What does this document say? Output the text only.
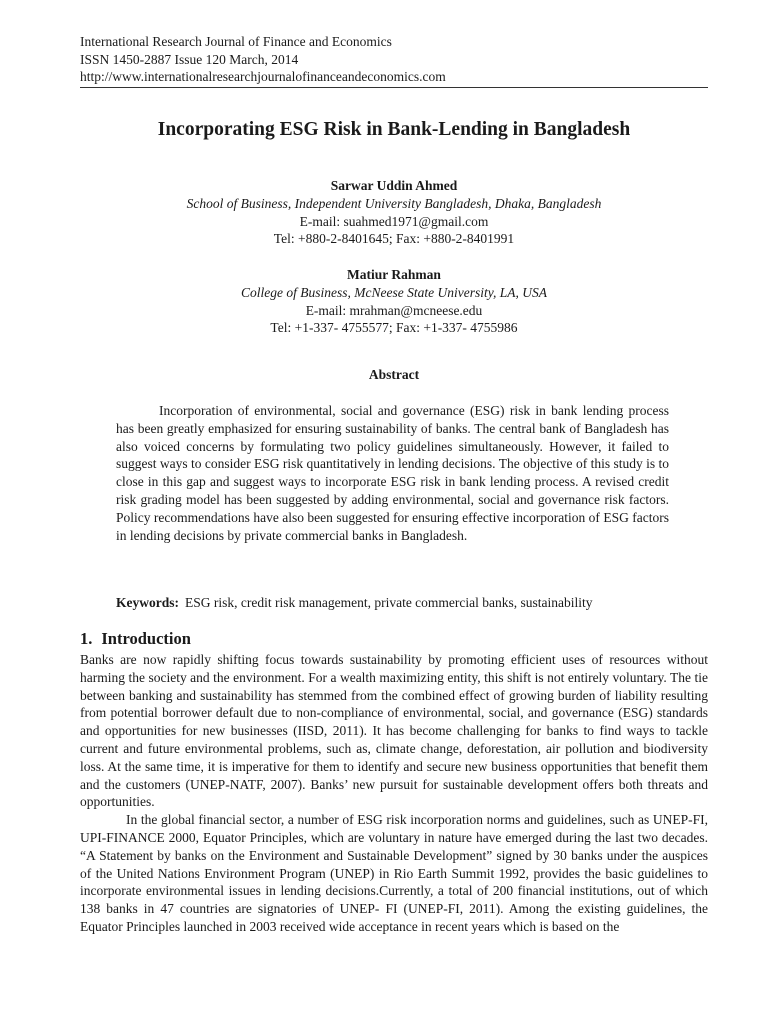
International Research Journal of Finance and Economics
ISSN 1450-2887 Issue 120 March, 2014
http://www.internationalresearchjournalofinanceandeconomics.com
Incorporating ESG Risk in Bank-Lending in Bangladesh
Sarwar Uddin Ahmed
School of Business, Independent University Bangladesh, Dhaka, Bangladesh
E-mail: suahmed1971@gmail.com
Tel: +880-2-8401645; Fax: +880-2-8401991
Matiur Rahman
College of Business, McNeese State University, LA, USA
E-mail: mrahman@mcneese.edu
Tel: +1-337- 4755577; Fax: +1-337- 4755986
Abstract

Incorporation of environmental, social and governance (ESG) risk in bank lending process has been greatly emphasized for ensuring sustainability of banks. The central bank of Bangladesh has also voiced concerns by formulating two policy guidelines simultaneously. However, it failed to suggest ways to consider ESG risk quantitatively in lending decisions. The objective of this study is to close in this gap and suggest ways to incorporate ESG risk in bank lending process. A revised credit risk grading model has been suggested by adding environmental, social and governance risk factors. Policy recommendations have also been suggested for ensuring effective incorporation of ESG factors in lending decisions by private commercial banks in Bangladesh.

Keywords: ESG risk, credit risk management, private commercial banks, sustainability
1. Introduction

Banks are now rapidly shifting focus towards sustainability by promoting efficient uses of resources without harming the society and the environment. For a wealth maximizing entity, this shift is not entirely voluntary. The tie between banking and sustainability has stemmed from the combined effect of growing burden of liability resulting from potential borrower default due to non-compliance of environmental, social, and governance (ESG) standards and opportunities for new businesses (IISD, 2011). It has become challenging for banks to find ways to tackle current and future environmental problems, such as, climate change, deforestation, air pollution and biodiversity loss. At the same time, it is imperative for them to identify and secure new business opportunities that benefit them and the customers (UNEP-NATF, 2007). Banks’ new pursuit for sustainable development offers both threats and opportunities.

In the global financial sector, a number of ESG risk incorporation norms and guidelines, such as UNEP-FI, UPI-FINANCE 2000, Equator Principles, which are voluntary in nature have emerged during the last two decades. “A Statement by banks on the Environment and Sustainable Development” signed by 30 banks under the auspices of the United Nations Environment Program (UNEP) in Rio Earth Summit 1992, provides the basic guidelines to incorporate environmental issues in lending decisions.Currently, a total of 200 financial institutions, out of which 138 banks in 47 countries are signatories of UNEP- FI (UNEP-FI, 2011). Among the existing guidelines, the Equator Principles launched in 2003 received wide acceptance in recent years which is based on the
